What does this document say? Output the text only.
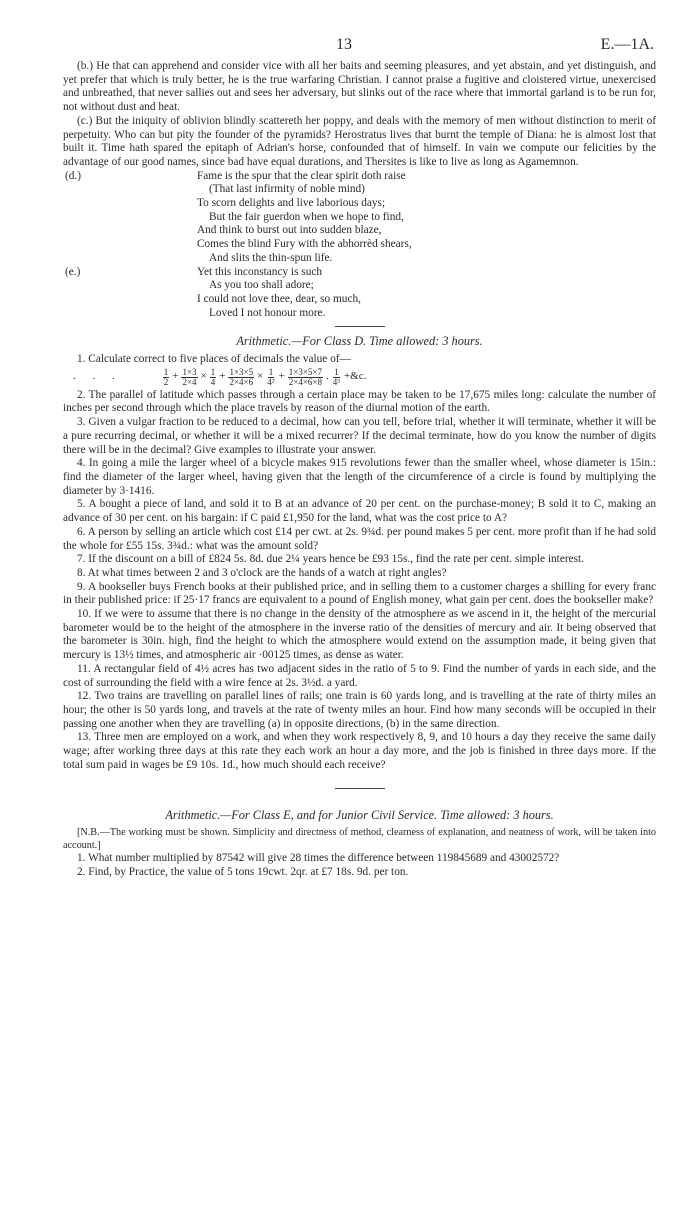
13	E.—1A.

(b.) He that can apprehend and consider vice with all her baits and seeming pleasures, and yet abstain, and yet distinguish, and yet prefer that which is truly better, he is the true warfaring Christian. I cannot praise a fugitive and cloistered virtue, unexercised and unbreathed, that never sallies out and sees her adversary, but slinks out of the race where that immortal garland is to be run for, not without dust and heat.

(c.) But the iniquity of oblivion blindly scattereth her poppy, and deals with the memory of men without distinction to merit of perpetuity. Who can but pity the founder of the pyramids? Herostratus lives that burnt the temple of Diana: he is almost lost that built it. Time hath spared the epitaph of Adrian's horse, confounded that of himself. In vain we compute our felicities by the advantage of our good names, since bad have equal durations, and Thersites is like to live as long as Agamemnon.

(d.)	Fame is the spur that the clear spirit doth raise
(That last infirmity of noble mind)
To scorn delights and live laborious days;
But the fair guerdon when we hope to find,
And think to burst out into sudden blaze,
Comes the blind Fury with the abhorrèd shears,
And slits the thin-spun life.
(e.)	Yet this inconstancy is such
As you too shall adore;
I could not love thee, dear, so much,
Loved I not honour more.
Arithmetic.—For Class D. Time allowed: 3 hours.

1. Calculate correct to five places of decimals the value of—

. . .	$\frac{1}{2} + \frac{1\times 3}{2\times 4} \times \frac{1}{4} + \frac{1\times 3\times 5}{2\times 4\times 6} \times \frac{1}{\text{4²}} + \frac{1\times 3\times 5\times 7}{2\times 4\times 6\times 8}$ . $\frac{1}{\text{4³}}$ +&c.

2. The parallel of latitude which passes through a certain place may be taken to be 17,675 miles long: calculate the number of inches per second through which the place travels by reason of the diurnal motion of the earth.

3. Given a vulgar fraction to be reduced to a decimal, how can you tell, before trial, whether it will terminate, whether it will be a pure recurring decimal, or whether it will be a mixed recurrer? If the decimal terminate, how do you know the number of digits there will be in the decimal? Give examples to illustrate your answer.

4. In going a mile the larger wheel of a bicycle makes 915 revolutions fewer than the smaller wheel, whose diameter is 15in.: find the diameter of the larger wheel, having given that the length of the circumference of a circle is found by multiplying the diameter by 3·1416.

5. A bought a piece of land, and sold it to B at an advance of 20 per cent. on the purchase-money; B sold it to C, making an advance of 30 per cent. on his bargain: if C paid £1,950 for the land, what was the cost price to A?

6. A person by selling an article which cost £14 per cwt. at 2s. 9¾d. per pound makes 5 per cent. more profit than if he had sold the whole for £55 15s. 3¾d.: what was the amount sold?

7. If the discount on a bill of £824 5s. 8d. due 2¼ years hence be £93 15s., find the rate per cent. simple interest.

8. At what times between 2 and 3 o'clock are the hands of a watch at right angles?

9. A bookseller buys French books at their published price, and in selling them to a customer charges a shilling for every franc in their published price: if 25·17 francs are equivalent to a pound of English money, what gain per cent. does the bookseller make?

10. If we were to assume that there is no change in the density of the atmosphere as we ascend in it, the height of the mercurial barometer would be to the height of the atmosphere in the inverse ratio of the densities of mercury and air. It being observed that the barometer is 30in. high, find the height to which the atmosphere would extend on the assumption made, it being given that mercury is 13½ times, and atmospheric air ·00125 times, as dense as water.

11. A rectangular field of 4½ acres has two adjacent sides in the ratio of 5 to 9. Find the number of yards in each side, and the cost of surrounding the field with a wire fence at 2s. 3½d. a yard.

12. Two trains are travelling on parallel lines of rails; one train is 60 yards long, and is travelling at the rate of thirty miles an hour; the other is 50 yards long, and travels at the rate of twenty miles an hour. Find how many seconds will be occupied in their passing one another when they are travelling (a) in opposite directions, (b) in the same direction.

13. Three men are employed on a work, and when they work respectively 8, 9, and 10 hours a day they receive the same daily wage; after working three days at this rate they each work an hour a day more, and the job is finished in three days more. If the total sum paid in wages be £9 10s. 1d., how much should each receive?

Arithmetic.—For Class E, and for Junior Civil Service. Time allowed: 3 hours.

[N.B.—The working must be shown. Simplicity and directness of method, clearness of explanation, and neatness of work, will be taken into account.]

1. What number multiplied by 87542 will give 28 times the difference between 119845689 and 43002572?

2. Find, by Practice, the value of 5 tons 19cwt. 2qr. at £7 18s. 9d. per ton.
